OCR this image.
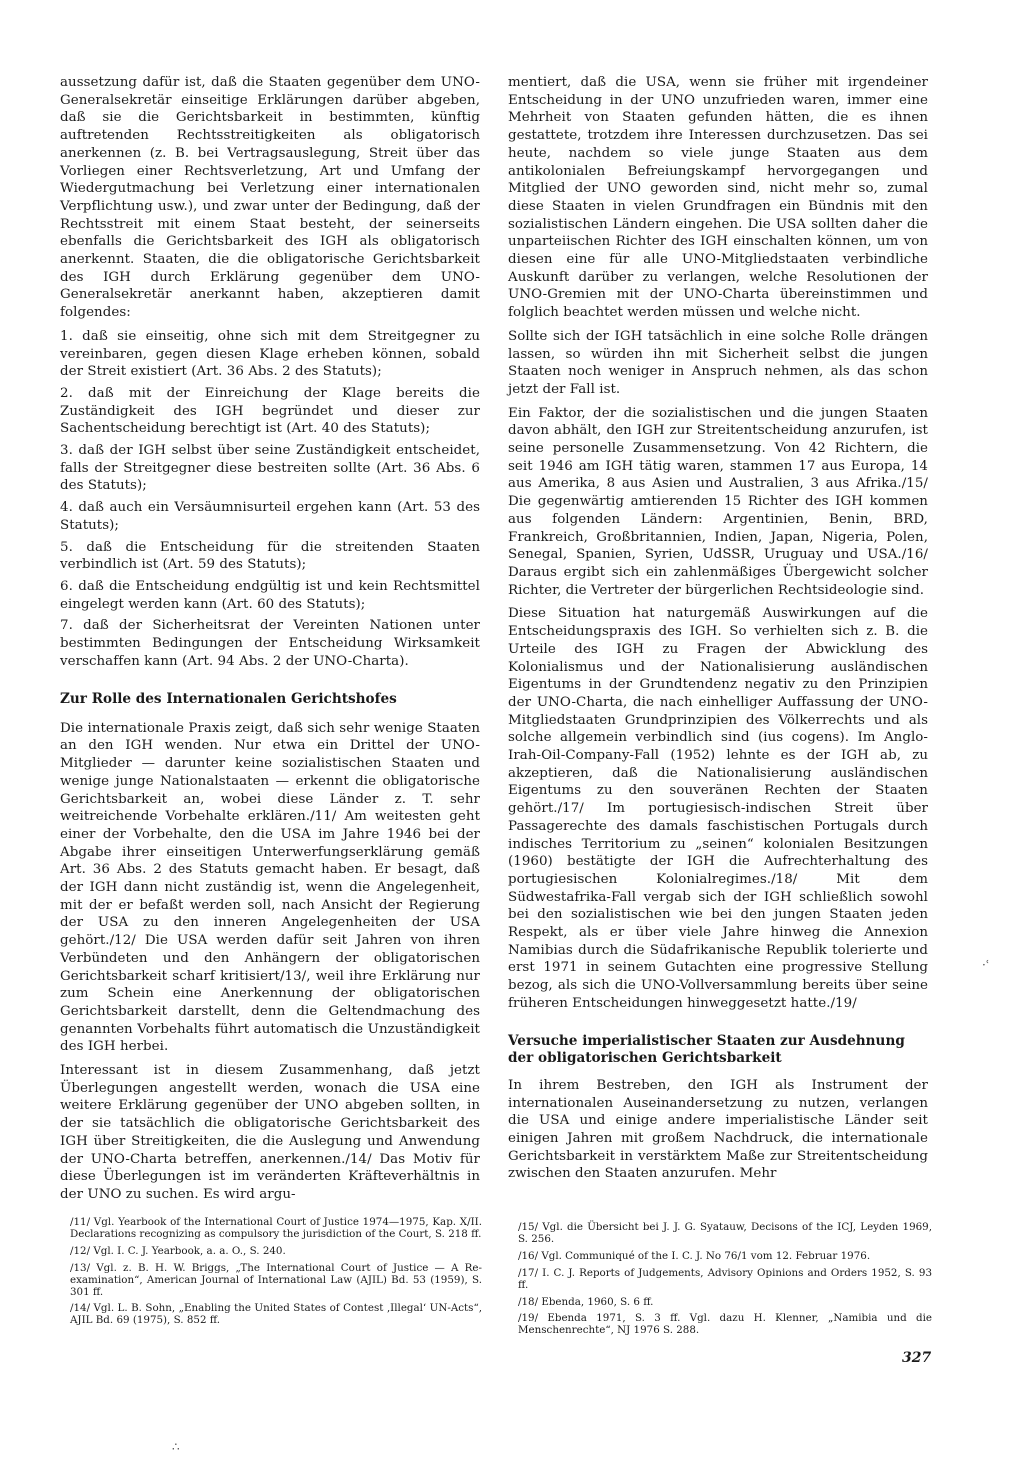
aussetzung dafür ist, daß die Staaten gegenüber dem UNO-Generalsekretär einseitige Erklärungen darüber abgeben, daß sie die Gerichtsbarkeit in bestimmten, künftig auftretenden Rechtsstreitigkeiten als obligatorisch anerkennen (z. B. bei Vertragsauslegung, Streit über das Vorliegen einer Rechtsverletzung, Art und Umfang der Wiedergutmachung bei Verletzung einer internationalen Verpflichtung usw.), und zwar unter der Bedingung, daß der Rechtsstreit mit einem Staat besteht, der seinerseits ebenfalls die Gerichtsbarkeit des IGH als obligatorisch anerkennt. Staaten, die die obligatorische Gerichtsbarkeit des IGH durch Erklärung gegenüber dem UNO-Generalsekretär anerkannt haben, akzeptieren damit folgendes:

1. daß sie einseitig, ohne sich mit dem Streitgegner zu vereinbaren, gegen diesen Klage erheben können, sobald der Streit existiert (Art. 36 Abs. 2 des Statuts);

2. daß mit der Einreichung der Klage bereits die Zuständigkeit des IGH begründet und dieser zur Sachentscheidung berechtigt ist (Art. 40 des Statuts);

3. daß der IGH selbst über seine Zuständigkeit entscheidet, falls der Streitgegner diese bestreiten sollte (Art. 36 Abs. 6 des Statuts);

4. daß auch ein Versäumnisurteil ergehen kann (Art. 53 des Statuts);

5. daß die Entscheidung für die streitenden Staaten verbindlich ist (Art. 59 des Statuts);

6. daß die Entscheidung endgültig ist und kein Rechtsmittel eingelegt werden kann (Art. 60 des Statuts);

7. daß der Sicherheitsrat der Vereinten Nationen unter bestimmten Bedingungen der Entscheidung Wirksamkeit verschaffen kann (Art. 94 Abs. 2 der UNO-Charta).

Zur Rolle des Internationalen Gerichtshofes

Die internationale Praxis zeigt, daß sich sehr wenige Staaten an den IGH wenden. Nur etwa ein Drittel der UNO-Mitglieder — darunter keine sozialistischen Staaten und wenige junge Nationalstaaten — erkennt die obligatorische Gerichtsbarkeit an, wobei diese Länder z. T. sehr weitreichende Vorbehalte erklären./11/ Am weitesten geht einer der Vorbehalte, den die USA im Jahre 1946 bei der Abgabe ihrer einseitigen Unterwerfungserklärung gemäß Art. 36 Abs. 2 des Statuts gemacht haben. Er besagt, daß der IGH dann nicht zuständig ist, wenn die Angelegenheit, mit der er befaßt werden soll, nach Ansicht der Regierung der USA zu den inneren Angelegenheiten der USA gehört./12/ Die USA werden dafür seit Jahren von ihren Verbündeten und den Anhängern der obligatorischen Gerichtsbarkeit scharf kritisiert/13/, weil ihre Erklärung nur zum Schein eine Anerkennung der obligatorischen Gerichtsbarkeit darstellt, denn die Geltendmachung des genannten Vorbehalts führt automatisch die Unzuständigkeit des IGH herbei.

Interessant ist in diesem Zusammenhang, daß jetzt Überlegungen angestellt werden, wonach die USA eine weitere Erklärung gegenüber der UNO abgeben sollten, in der sie tatsächlich die obligatorische Gerichtsbarkeit des IGH über Streitigkeiten, die die Auslegung und Anwendung der UNO-Charta betreffen, anerkennen./14/ Das Motiv für diese Überlegungen ist im veränderten Kräfteverhältnis in der UNO zu suchen. Es wird argu-

mentiert, daß die USA, wenn sie früher mit irgendeiner Entscheidung in der UNO unzufrieden waren, immer eine Mehrheit von Staaten gefunden hätten, die es ihnen gestattete, trotzdem ihre Interessen durchzusetzen. Das sei heute, nachdem so viele junge Staaten aus dem antikolonialen Befreiungskampf hervorgegangen und Mitglied der UNO geworden sind, nicht mehr so, zumal diese Staaten in vielen Grundfragen ein Bündnis mit den sozialistischen Ländern eingehen. Die USA sollten daher die unparteiischen Richter des IGH einschalten können, um von diesen eine für alle UNO-Mitgliedstaaten verbindliche Auskunft darüber zu verlangen, welche Resolutionen der UNO-Gremien mit der UNO-Charta übereinstimmen und folglich beachtet werden müssen und welche nicht.

Sollte sich der IGH tatsächlich in eine solche Rolle drängen lassen, so würden ihn mit Sicherheit selbst die jungen Staaten noch weniger in Anspruch nehmen, als das schon jetzt der Fall ist.

Ein Faktor, der die sozialistischen und die jungen Staaten davon abhält, den IGH zur Streitentscheidung anzurufen, ist seine personelle Zusammensetzung. Von 42 Richtern, die seit 1946 am IGH tätig waren, stammen 17 aus Europa, 14 aus Amerika, 8 aus Asien und Australien, 3 aus Afrika./15/ Die gegenwärtig amtierenden 15 Richter des IGH kommen aus folgenden Ländern: Argentinien, Benin, BRD, Frankreich, Großbritannien, Indien, Japan, Nigeria, Polen, Senegal, Spanien, Syrien, UdSSR, Uruguay und USA./16/ Daraus ergibt sich ein zahlenmäßiges Übergewicht solcher Richter, die Vertreter der bürgerlichen Rechtsideologie sind.

Diese Situation hat naturgemäß Auswirkungen auf die Entscheidungspraxis des IGH. So verhielten sich z. B. die Urteile des IGH zu Fragen der Abwicklung des Kolonialismus und der Nationalisierung ausländischen Eigentums in der Grundtendenz negativ zu den Prinzipien der UNO-Charta, die nach einhelliger Auffassung der UNO-Mitgliedstaaten Grundprinzipien des Völkerrechts und als solche allgemein verbindlich sind (ius cogens). Im Anglo-Irah-Oil-Company-Fall (1952) lehnte es der IGH ab, zu akzeptieren, daß die Nationalisierung ausländischen Eigentums zu den souveränen Rechten der Staaten gehört./17/ Im portugiesisch-indischen Streit über Passagerechte des damals faschistischen Portugals durch indisches Territorium zu „seinen“ kolonialen Besitzungen (1960) bestätigte der IGH die Aufrechterhaltung des portugiesischen Kolonialregimes./18/ Mit dem Südwestafrika-Fall vergab sich der IGH schließlich sowohl bei den sozialistischen wie bei den jungen Staaten jeden Respekt, als er über viele Jahre hinweg die Annexion Namibias durch die Südafrikanische Republik tolerierte und erst 1971 in seinem Gutachten eine progressive Stellung bezog, als sich die UNO-Vollversammlung bereits über seine früheren Entscheidungen hinweggesetzt hatte./19/

Versuche imperialistischer Staaten zur Ausdehnung der obligatorischen Gerichtsbarkeit

In ihrem Bestreben, den IGH als Instrument der internationalen Auseinandersetzung zu nutzen, verlangen die USA und einige andere imperialistische Länder seit einigen Jahren mit großem Nachdruck, die internationale Gerichtsbarkeit in verstärktem Maße zur Streitentscheidung zwischen den Staaten anzurufen. Mehr

/11/ Vgl. Yearbook of the International Court of Justice 1974—1975, Kap. X/II. Declarations recognizing as compulsory the jurisdiction of the Court, S. 218 ff.

/12/ Vgl. I. C. J. Yearbook, a. a. O., S. 240.

/13/ Vgl. z. B. H. W. Briggs, „The International Court of Justice — A Re-examination“, American Journal of International Law (AJIL) Bd. 53 (1959), S. 301 ff.

/14/ Vgl. L. B. Sohn, „Enabling the United States of Contest ‚Illegal‘ UN-Acts“, AJIL Bd. 69 (1975), S. 852 ff.

/15/ Vgl. die Übersicht bei J. J. G. Syatauw, Decisons of the ICJ, Leyden 1969, S. 256.

/16/ Vgl. Communiqué of the I. C. J. No 76/1 vom 12. Februar 1976.

/17/ I. C. J. Reports of Judgements, Advisory Opinions and Orders 1952, S. 93 ff.

/18/ Ebenda, 1960, S. 6 ff.

/19/ Ebenda 1971, S. 3 ff. Vgl. dazu H. Klenner, „Namibia und die Menschenrechte“, NJ 1976 S. 288.

327
·ʿ
∴
